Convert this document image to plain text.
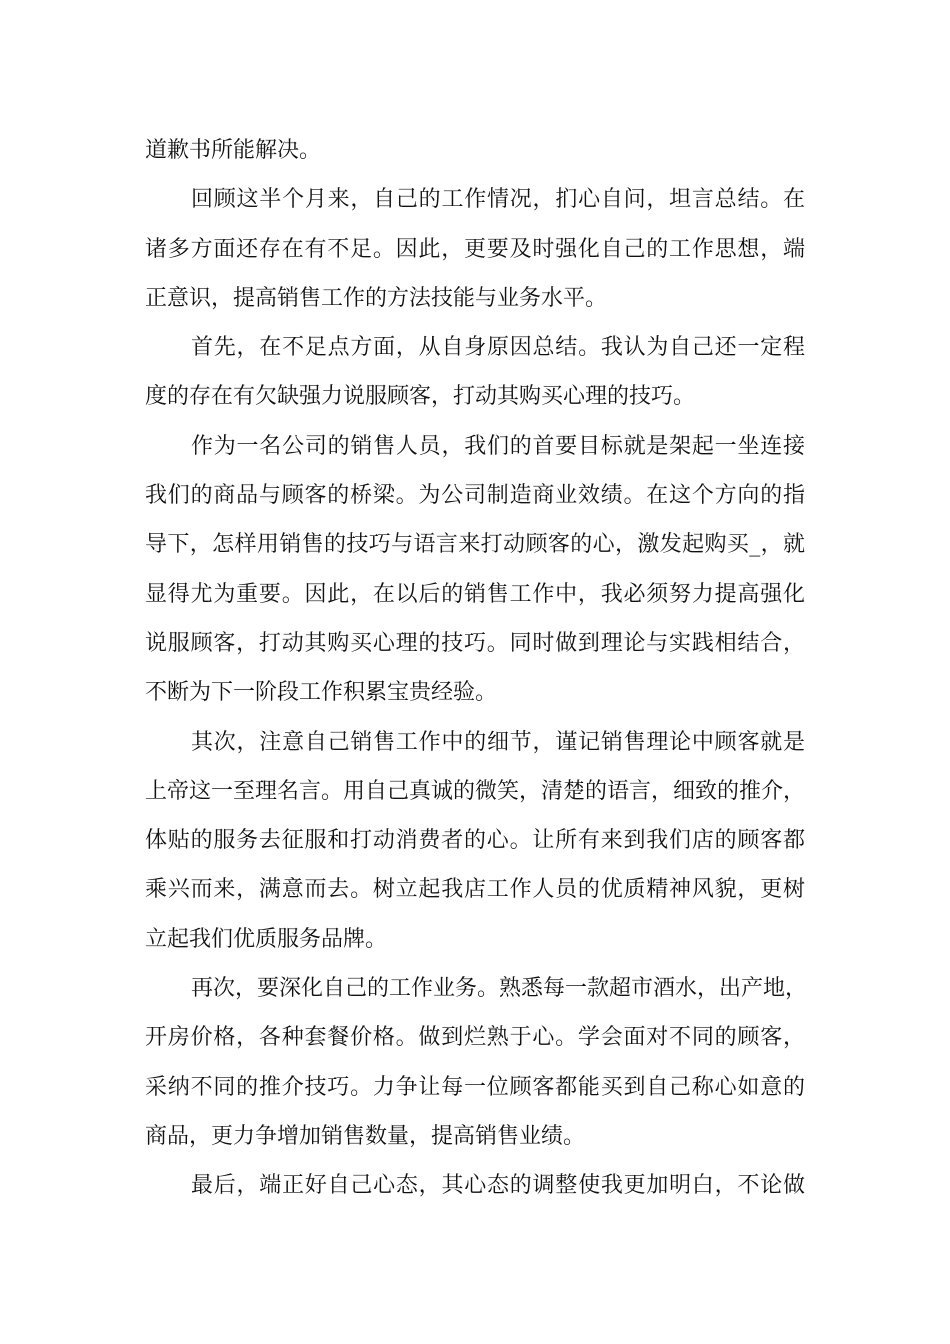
道歉书所能解决。
回顾这半个月来，自己的工作情况，扪心自问，坦言总结。在
诸多方面还存在有不足。因此，更要及时强化自己的工作思想，端
正意识，提高销售工作的方法技能与业务水平。
首先，在不足点方面，从自身原因总结。我认为自己还一定程
度的存在有欠缺强力说服顾客，打动其购买心理的技巧。
作为一名公司的销售人员，我们的首要目标就是架起一坐连接
我们的商品与顾客的桥梁。为公司制造商业效绩。在这个方向的指
导下，怎样用销售的技巧与语言来打动顾客的心，激发起购买_，就
显得尤为重要。因此，在以后的销售工作中，我必须努力提高强化
说服顾客，打动其购买心理的技巧。同时做到理论与实践相结合，
不断为下一阶段工作积累宝贵经验。
其次，注意自己销售工作中的细节，谨记销售理论中顾客就是
上帝这一至理名言。用自己真诚的微笑，清楚的语言，细致的推介，
体贴的服务去征服和打动消费者的心。让所有来到我们店的顾客都
乘兴而来，满意而去。树立起我店工作人员的优质精神风貌，更树
立起我们优质服务品牌。
再次，要深化自己的工作业务。熟悉每一款超市酒水，出产地，
开房价格，各种套餐价格。做到烂熟于心。学会面对不同的顾客，
采纳不同的推介技巧。力争让每一位顾客都能买到自己称心如意的
商品，更力争增加销售数量，提高销售业绩。
最后，端正好自己心态，其心态的调整使我更加明白，不论做
